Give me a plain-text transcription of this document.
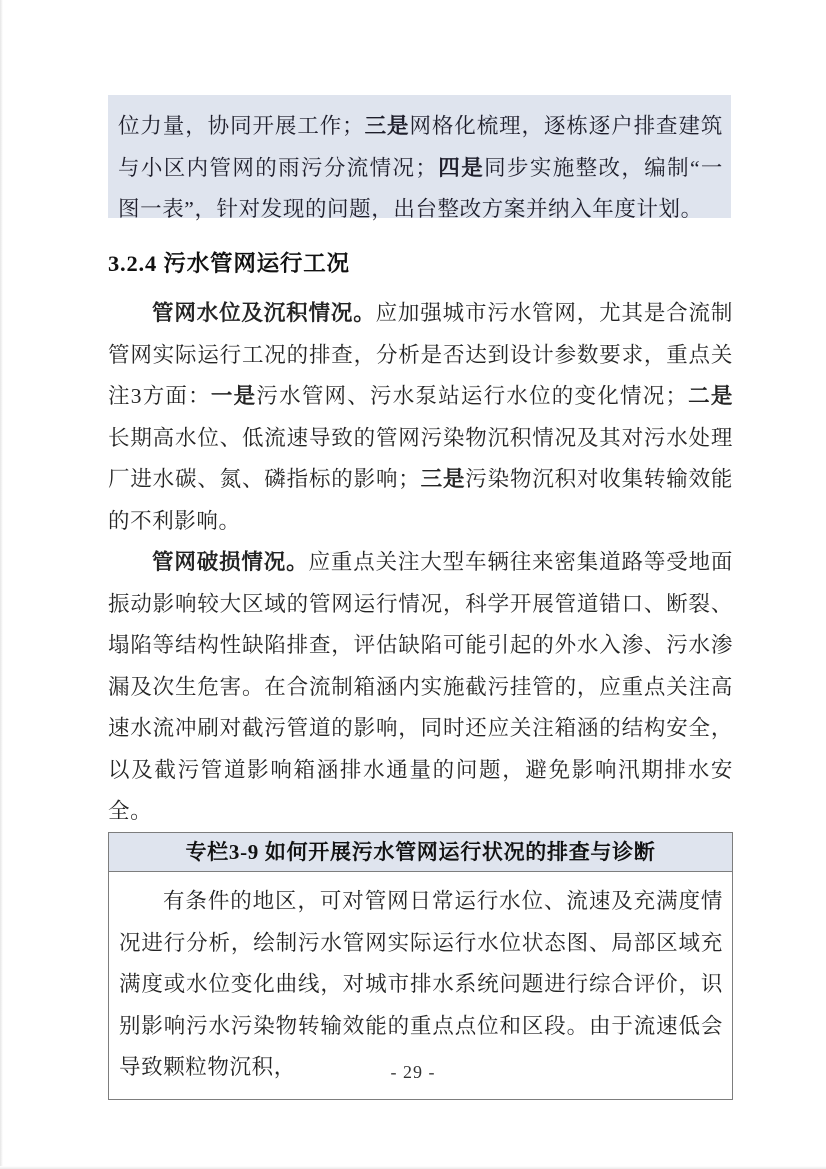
位力量，协同开展工作；三是网格化梳理，逐栋逐户排查建筑与小区内管网的雨污分流情况；四是同步实施整改，编制“一图一表”，针对发现的问题，出台整改方案并纳入年度计划。
3.2.4 污水管网运行工况

管网水位及沉积情况。应加强城市污水管网，尤其是合流制管网实际运行工况的排查，分析是否达到设计参数要求，重点关注3方面：一是污水管网、污水泵站运行水位的变化情况；二是长期高水位、低流速导致的管网污染物沉积情况及其对污水处理厂进水碳、氮、磷指标的影响；三是污染物沉积对收集转输效能的不利影响。

管网破损情况。应重点关注大型车辆往来密集道路等受地面振动影响较大区域的管网运行情况，科学开展管道错口、断裂、塌陷等结构性缺陷排查，评估缺陷可能引起的外水入渗、污水渗漏及次生危害。在合流制箱涵内实施截污挂管的，应重点关注高速水流冲刷对截污管道的影响，同时还应关注箱涵的结构安全，以及截污管道影响箱涵排水通量的问题，避免影响汛期排水安全。

专栏3-9 如何开展污水管网运行状况的排查与诊断

有条件的地区，可对管网日常运行水位、流速及充满度情况进行分析，绘制污水管网实际运行水位状态图、局部区域充满度或水位变化曲线，对城市排水系统问题进行综合评价，识别影响污水污染物转输效能的重点点位和区段。由于流速低会导致颗粒物沉积，	- 29 -
